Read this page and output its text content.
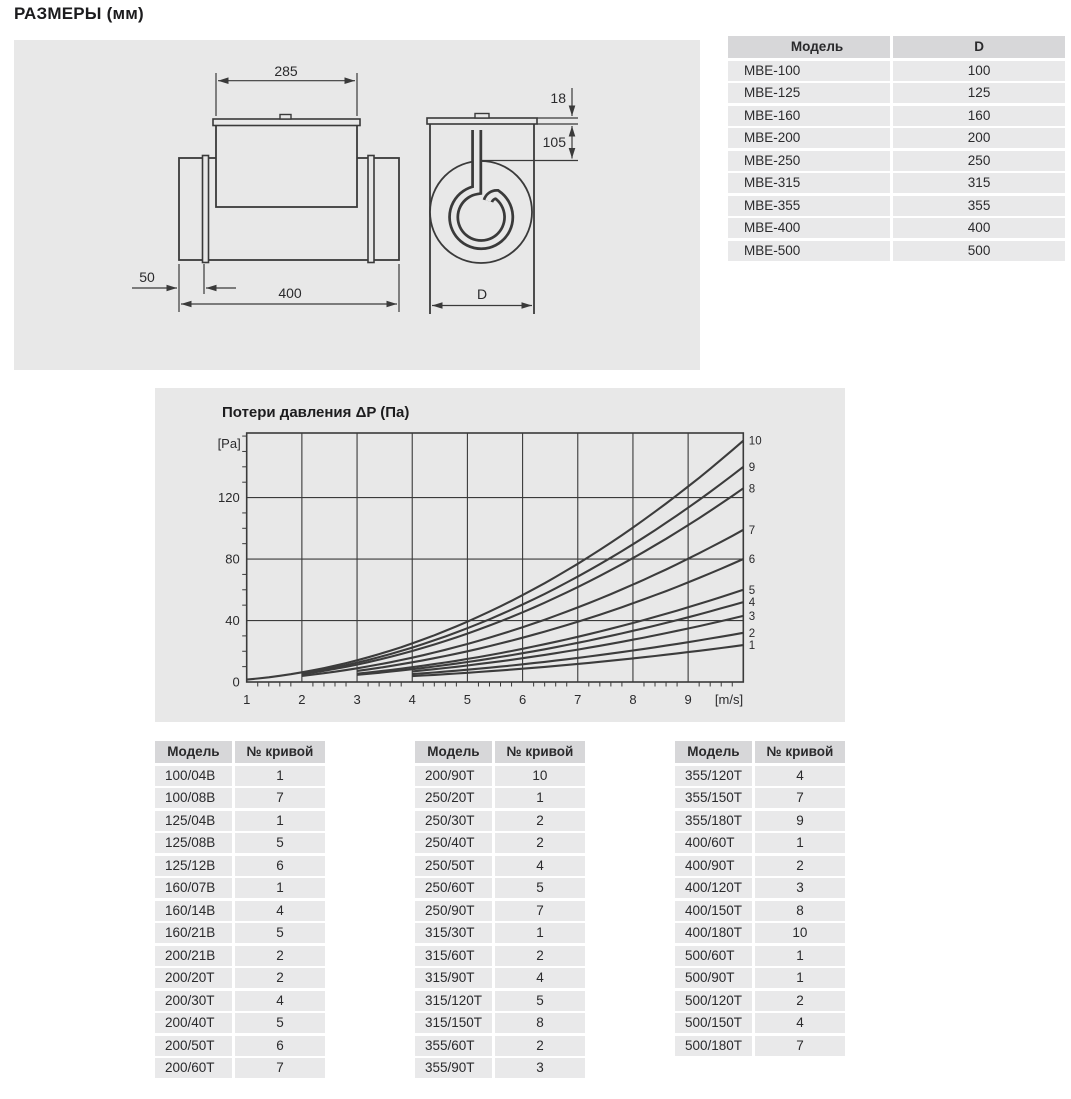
РАЗМЕРЫ (мм)
285
400
50
18
105
D
Модель	D
МВЕ-100	100
МВЕ-125	125
МВЕ-160	160
МВЕ-200	200
МВЕ-250	250
МВЕ-315	315
МВЕ-355	355
МВЕ-400	400
МВЕ-500	500
Потери давления ΔP (Па)
1
2
3
4
5
6
7
8
9
10
1	2	3	4	5	6	7	8	9 [m/s]
0
40
80
120
[Pa]
Модель	№ кривой
100/04В	1
100/08В	7
125/04В	1
125/08В	5
125/12В	6
160/07В	1
160/14В	4
160/21В	5
200/21В	2
200/20Т	2
200/30Т	4
200/40Т	5
200/50Т	6
200/60Т	7
Модель	№ кривой
200/90Т	10
250/20Т	1
250/30Т	2
250/40Т	2
250/50Т	4
250/60Т	5
250/90Т	7
315/30Т	1
315/60Т	2
315/90Т	4
315/120Т	5
315/150Т	8
355/60Т	2
355/90Т	3
Модель	№ кривой
355/120Т	4
355/150Т	7
355/180Т	9
400/60Т	1
400/90Т	2
400/120Т	3
400/150Т	8
400/180Т	10
500/60Т	1
500/90Т	1
500/120Т	2
500/150Т	4
500/180Т	7
